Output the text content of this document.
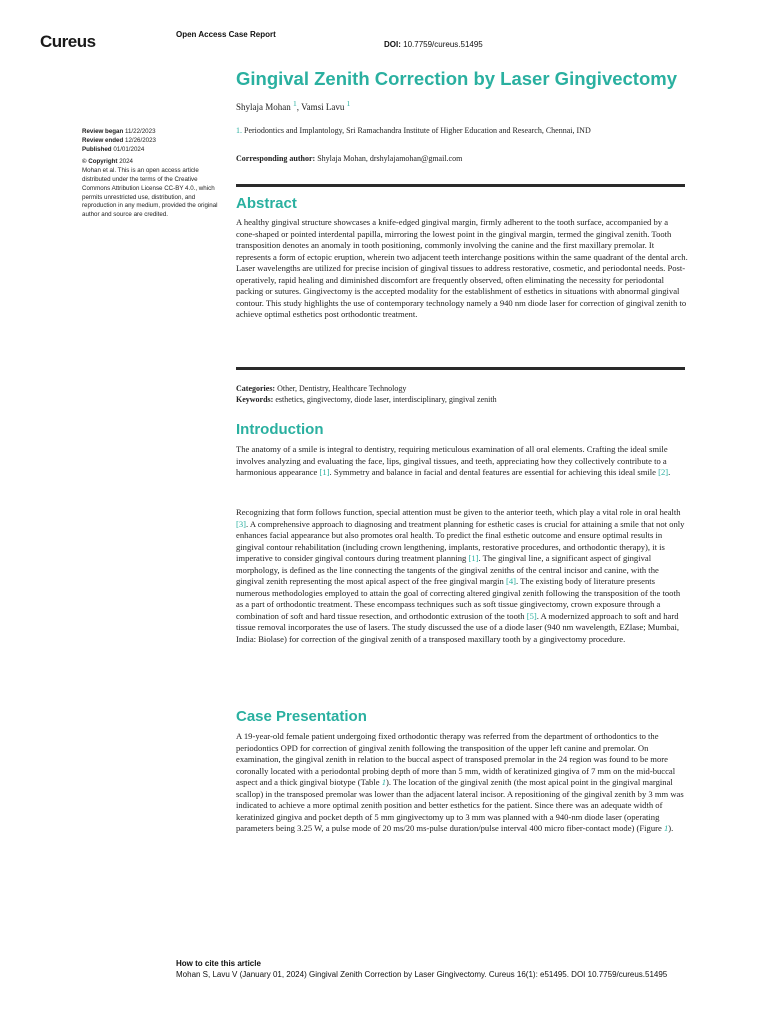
Cureus	Open Access Case Report
DOI: 10.7759/cureus.51495
Gingival Zenith Correction by Laser Gingivectomy
Shylaja Mohan $^1$, Vamsi Lavu $^1$
1. Periodontics and Implantology, Sri Ramachandra Institute of Higher Education and Research, Chennai, IND
Corresponding author: Shylaja Mohan, drshylajamohan@gmail.com
Review began 11/22/2023
Review ended 12/26/2023
Published 01/01/2024
© Copyright 2024
Mohan et al. This is an open access article distributed under the terms of the Creative Commons Attribution License CC-BY 4.0., which permits unrestricted use, distribution, and reproduction in any medium, provided the original author and source are credited.
Abstract
A healthy gingival structure showcases a knife-edged gingival margin, firmly adherent to the tooth surface, accompanied by a cone-shaped or pointed interdental papilla, mirroring the lowest point in the gingival margin, termed the gingival zenith. Tooth transposition denotes an anomaly in tooth positioning, commonly involving the canine and the first maxillary premolar. It represents a form of ectopic eruption, wherein two adjacent teeth interchange positions within the same quadrant of the dental arch. Laser wavelengths are utilized for precise incision of gingival tissues to address restorative, cosmetic, and periodontal needs. Post-operatively, rapid healing and diminished discomfort are frequently observed, often eliminating the necessity for periodontal packing or sutures. Gingivectomy is the accepted modality for the establishment of esthetics in situations with abnormal gingival contour. This study highlights the use of contemporary technology namely a 940 nm diode laser for correction of gingival zenith to achieve optimal esthetics post orthodontic treatment.
Categories: Other, Dentistry, Healthcare Technology
Keywords: esthetics, gingivectomy, diode laser, interdisciplinary, gingival zenith
Introduction
The anatomy of a smile is integral to dentistry, requiring meticulous examination of all oral elements. Crafting the ideal smile involves analyzing and evaluating the face, lips, gingival tissues, and teeth, appreciating how they collectively contribute to a harmonious appearance [1]. Symmetry and balance in facial and dental features are essential for achieving this ideal smile [2].
Recognizing that form follows function, special attention must be given to the anterior teeth, which play a vital role in oral health [3]. A comprehensive approach to diagnosing and treatment planning for esthetic cases is crucial for attaining a smile that not only enhances facial appearance but also promotes oral health. To predict the final esthetic outcome and ensure optimal results in gingival contour rehabilitation (including crown lengthening, implants, restorative procedures, and orthodontic therapy), it is imperative to consider gingival contours during treatment planning [1]. The gingival line, a significant aspect of gingival morphology, is defined as the line connecting the tangents of the gingival zeniths of the central incisor and canine, with the gingival zenith representing the most apical aspect of the free gingival margin [4]. The existing body of literature presents numerous methodologies employed to attain the goal of correcting altered gingival zenith following the transposition of the tooth as a part of orthodontic treatment. These encompass techniques such as soft tissue gingivectomy, crown exposure through a combination of soft and hard tissue resection, and orthodontic extrusion of the tooth [5]. A modernized approach to soft and hard tissue removal incorporates the use of lasers. The study discussed the use of a diode laser (940 nm wavelength, EZlase; Mumbai, India: Biolase) for correction of the gingival zenith of a transposed maxillary tooth by a gingivectomy procedure.
Case Presentation
A 19-year-old female patient undergoing fixed orthodontic therapy was referred from the department of orthodontics to the periodontics OPD for correction of gingival zenith following the transposition of the upper left canine and premolar. On examination, the gingival zenith in relation to the buccal aspect of transposed premolar in the 24 region was found to be more coronally located with a periodontal probing depth of more than 5 mm, width of keratinized gingiva of 7 mm on the mid-buccal aspect and a thick gingival biotype (Table 1). The location of the gingival zenith (the most apical point in the gingival marginal scallop) in the transposed premolar was lower than the adjacent lateral incisor. A repositioning of the gingival zenith by 3 mm was indicated to achieve a more optimal zenith position and better esthetics for the patient. Since there was an adequate width of keratinized gingiva and pocket depth of 5 mm gingivectomy up to 3 mm was planned with a 940-nm diode laser (operating parameters being 3.25 W, a pulse mode of 20 ms/20 ms-pulse duration/pulse interval 400 micro fiber-contact mode) (Figure 1).
How to cite this article
Mohan S, Lavu V (January 01, 2024) Gingival Zenith Correction by Laser Gingivectomy. Cureus 16(1): e51495. DOI 10.7759/cureus.51495
